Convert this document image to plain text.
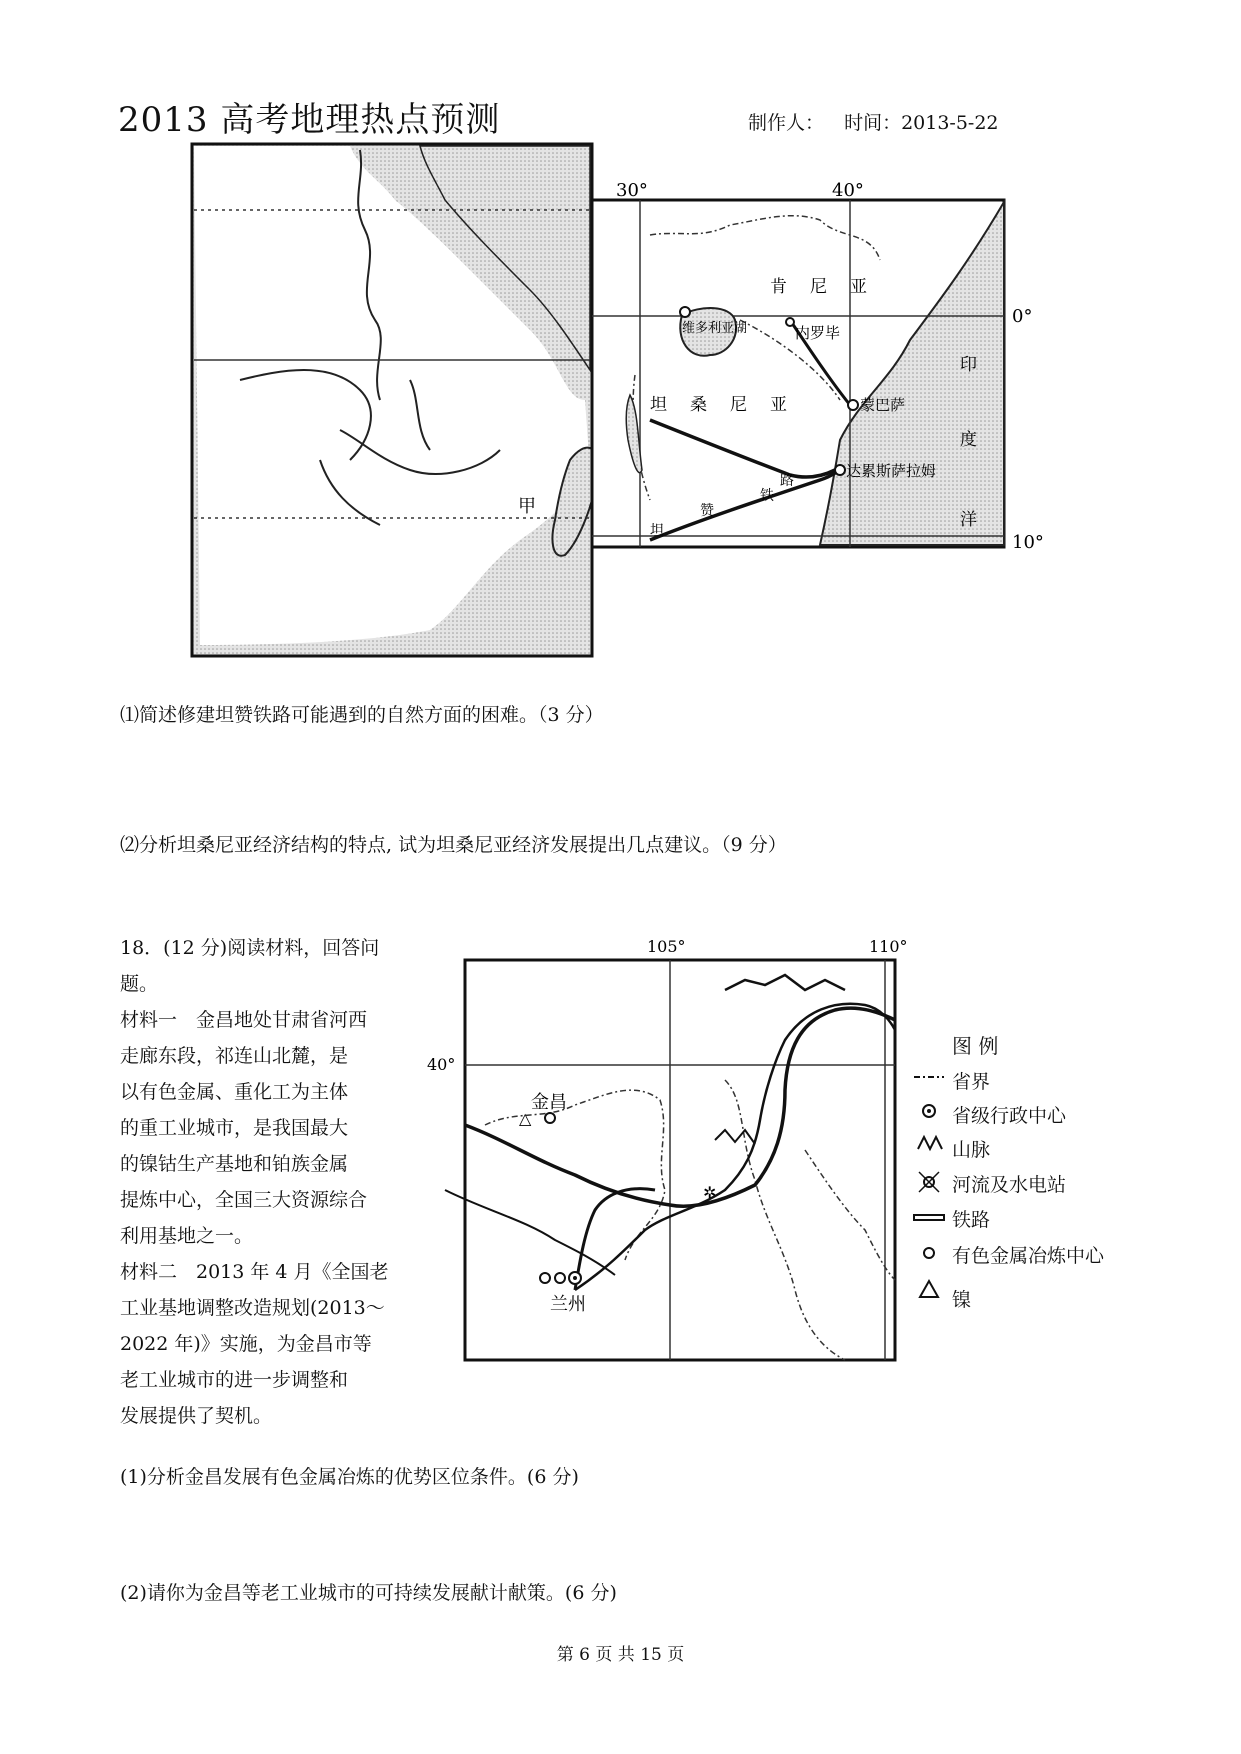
2013 高考地理热点预测	制作人： 时间：2013-5-22
甲
30°	40°
0°
10°
肯 尼 亚
维多利亚湖	内罗毕
坦 桑 尼 亚	蒙巴萨
达累斯萨拉姆
印
度
洋
坦
赞
铁
路
⑴简述修建坦赞铁路可能遇到的自然方面的困难。（3 分）
⑵分析坦桑尼亚经济结构的特点, 试为坦桑尼亚经济发展提出几点建议。（9 分）

18．(12 分)阅读材料，回答问

题。

材料一　金昌地处甘肃省河西

走廊东段，祁连山北麓，是

以有色金属、重化工为主体

的重工业城市，是我国最大

的镍钴生产基地和铂族金属

提炼中心，全国三大资源综合

利用基地之一。

材料二　2013 年 4 月《全国老

工业基地调整改造规划(2013～

2022 年)》实施，为金昌市等

老工业城市的进一步调整和

发展提供了契机。

105°	110°
40°
△
金昌
兰州
✲
图 例
省界
省级行政中心
山脉
河流及水电站
铁路
有色金属冶炼中心
镍
(1)分析金昌发展有色金属冶炼的优势区位条件。(6 分)
(2)请你为金昌等老工业城市的可持续发展献计献策。(6 分)
第 6 页 共 15 页
